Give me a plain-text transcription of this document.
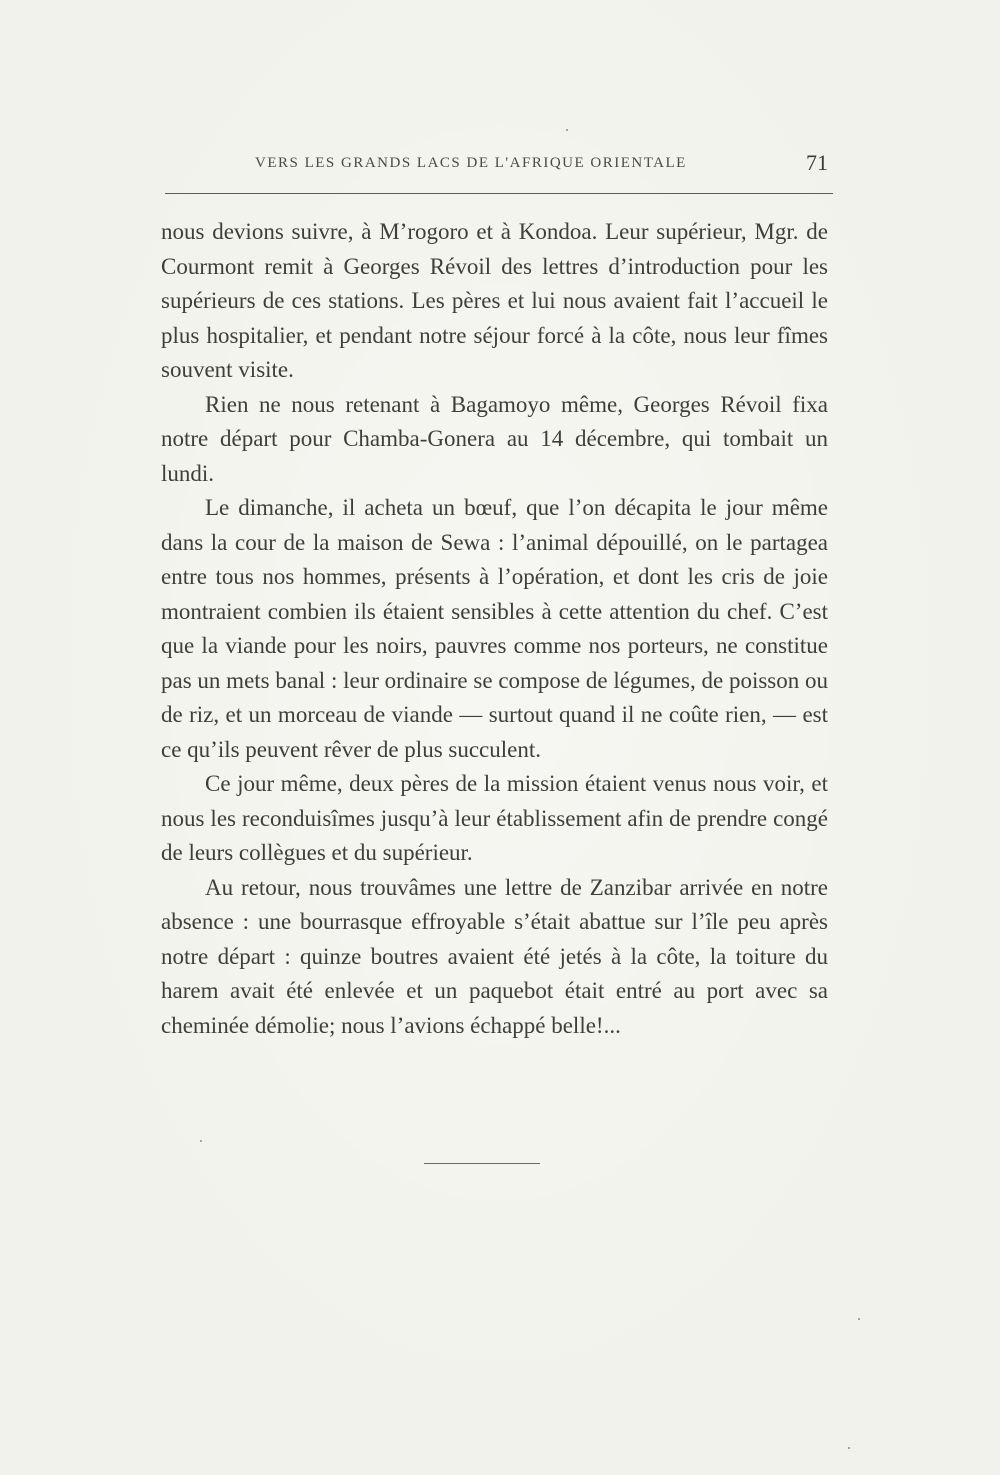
VERS LES GRANDS LACS DE L'AFRIQUE ORIENTALE	71

nous devions suivre, à M’rogoro et à Kondoa. Leur supérieur, Mgr. de Courmont remit à Georges Révoil des lettres d’introduction pour les supérieurs de ces stations. Les pères et lui nous avaient fait l’accueil le plus hospitalier, et pendant notre séjour forcé à la côte, nous leur fîmes souvent visite.

Rien ne nous retenant à Bagamoyo même, Georges Révoil fixa notre départ pour Chamba-Gonera au 14 décembre, qui tombait un lundi.

Le dimanche, il acheta un bœuf, que l’on décapita le jour même dans la cour de la maison de Sewa : l’animal dépouillé, on le partagea entre tous nos hommes, présents à l’opération, et dont les cris de joie montraient combien ils étaient sensibles à cette attention du chef. C’est que la viande pour les noirs, pauvres comme nos porteurs, ne constitue pas un mets banal : leur ordinaire se compose de légumes, de poisson ou de riz, et un morceau de viande — surtout quand il ne coûte rien, — est ce qu’ils peuvent rêver de plus succulent.

Ce jour même, deux pères de la mission étaient venus nous voir, et nous les reconduisîmes jusqu’à leur établissement afin de prendre congé de leurs collègues et du supérieur.

Au retour, nous trouvâmes une lettre de Zanzibar arrivée en notre absence : une bourrasque effroyable s’était abattue sur l’île peu après notre départ : quinze boutres avaient été jetés à la côte, la toiture du harem avait été enlevée et un paquebot était entré au port avec sa cheminée démolie; nous l’avions échappé belle!...
